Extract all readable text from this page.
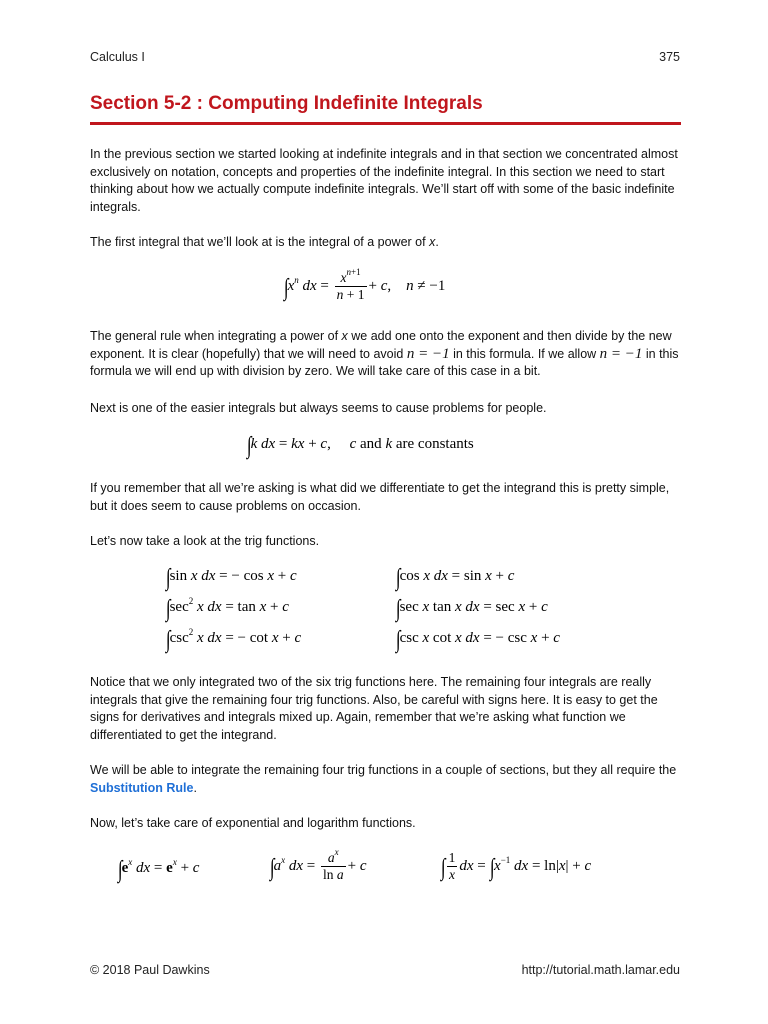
Calculus I	375
Section 5-2 : Computing Indefinite Integrals
In the previous section we started looking at indefinite integrals and in that section we concentrated almost exclusively on notation, concepts and properties of the indefinite integral. In this section we need to start thinking about how we actually compute indefinite integrals. We’ll start off with some of the basic indefinite integrals.
The first integral that we’ll look at is the integral of a power of x.
$\int x^n$ dx = $\frac{x^{n+1}}{n + 1} + c$,    n ≠ −1
The general rule when integrating a power of x we add one onto the exponent and then divide by the new exponent. It is clear (hopefully) that we will need to avoid n = −1 in this formula. If we allow n = −1 in this formula we will end up with division by zero. We will take care of this case in a bit.
Next is one of the easier integrals but always seems to cause problems for people.
∫k dx = kx + c,     c and k are constants
If you remember that all we’re asking is what did we differentiate to get the integrand this is pretty simple, but it does seem to cause problems on occasion.
Let’s now take a look at the trig functions.
∫sin x dx = − cos x + c	∫cos x dx = sin x + c
$\int\sec^2$ x dx = tan x + c	∫sec x tan x dx = sec x + c
$\int\csc^2$ x dx = − cot x + c	∫csc x cot x dx = − csc x + c
Notice that we only integrated two of the six trig functions here. The remaining four integrals are really integrals that give the remaining four trig functions. Also, be careful with signs here. It is easy to get the signs for derivatives and integrals mixed up. Again, remember that we’re asking what function we differentiated to get the integrand.
We will be able to integrate the remaining four trig functions in a couple of sections, but they all require the Substitution Rule.
Now, let’s take care of exponential and logarithm functions.
$\int e^x$ dx = $e^x + c$	$\int a^x$ dx = $\frac{a^x}{\text{ln a}} + c$	∫ $\frac{1}{x}$ dx = $\int x^{-1}$ dx = ln|x| + c
© 2018 Paul Dawkins	http://tutorial.math.lamar.edu
